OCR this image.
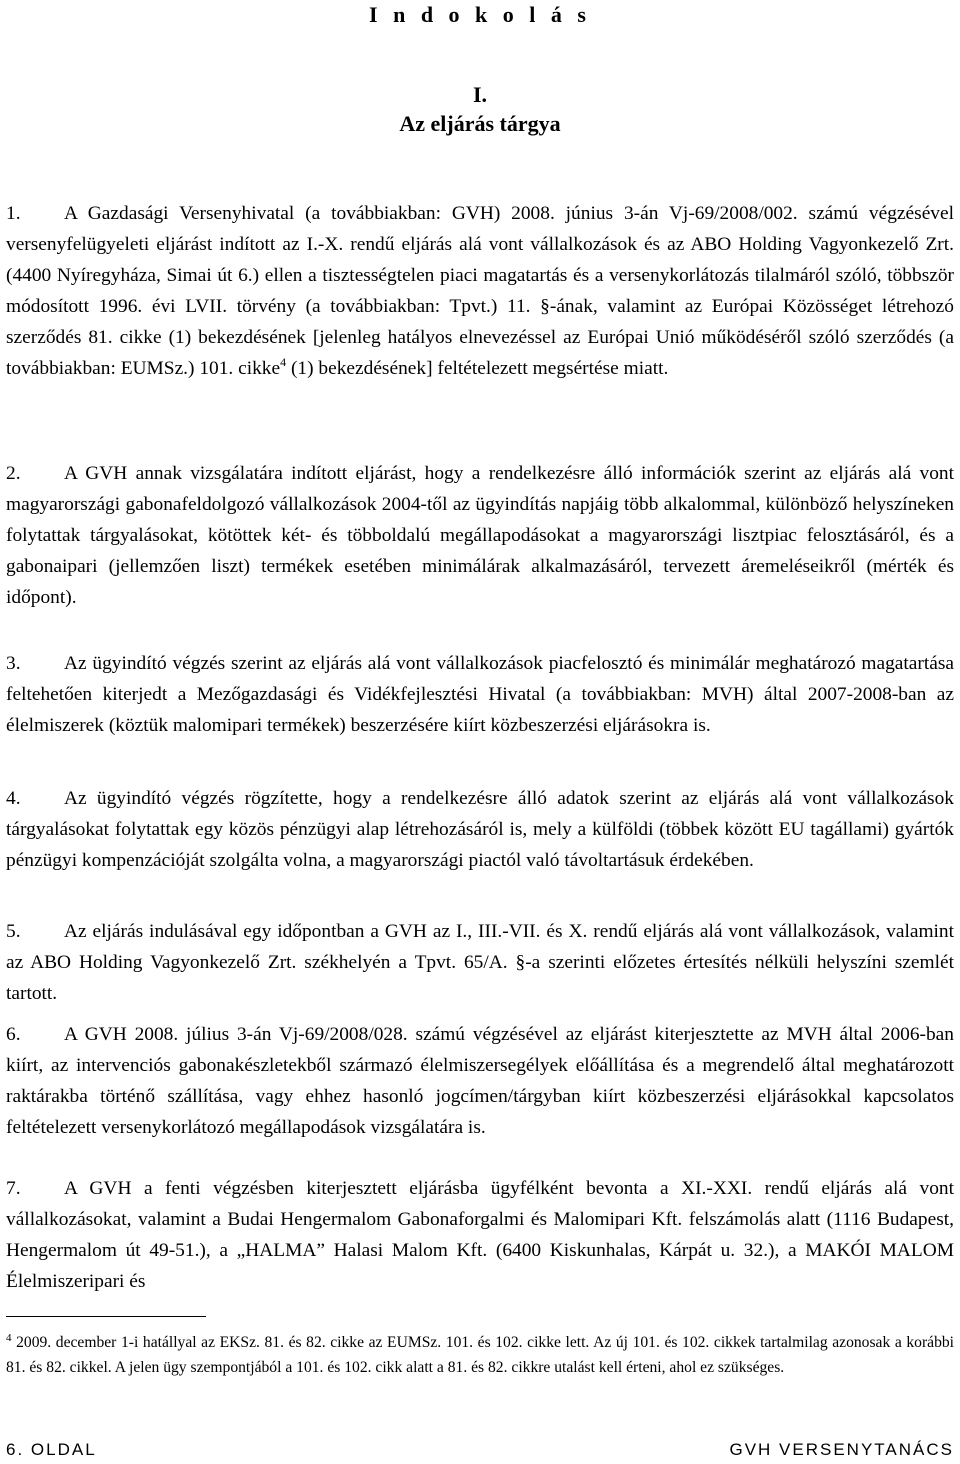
I n d o k o l á s
I.
Az eljárás tárgya

1. A Gazdasági Versenyhivatal (a továbbiakban: GVH) 2008. június 3-án Vj-69/2008/002. számú végzésével versenyfelügyeleti eljárást indított az I.-X. rendű eljárás alá vont vállalkozások és az ABO Holding Vagyonkezelő Zrt. (4400 Nyíregyháza, Simai út 6.) ellen a tisztességtelen piaci magatartás és a versenykorlátozás tilalmáról szóló, többször módosított 1996. évi LVII. törvény (a továbbiakban: Tpvt.) 11. §-ának, valamint az Európai Közösséget létrehozó szerződés 81. cikke (1) bekezdésének [jelenleg hatályos elnevezéssel az Európai Unió működéséről szóló szerződés (a továbbiakban: EUMSz.) 101. cikke$^4$ (1) bekezdésének] feltételezett megsértése miatt.

2. A GVH annak vizsgálatára indított eljárást, hogy a rendelkezésre álló információk szerint az eljárás alá vont magyarországi gabonafeldolgozó vállalkozások 2004-től az ügyindítás napjáig több alkalommal, különböző helyszíneken folytattak tárgyalásokat, kötöttek két- és többoldalú megállapodásokat a magyarországi lisztpiac felosztásáról, és a gabonaipari (jellemzően liszt) termékek esetében minimálárak alkalmazásáról, tervezett áremeléseikről (mérték és időpont).

3. Az ügyindító végzés szerint az eljárás alá vont vállalkozások piacfelosztó és minimálár meghatározó magatartása feltehetően kiterjedt a Mezőgazdasági és Vidékfejlesztési Hivatal (a továbbiakban: MVH) által 2007-2008-ban az élelmiszerek (köztük malomipari termékek) beszerzésére kiírt közbeszerzési eljárásokra is.

4. Az ügyindító végzés rögzítette, hogy a rendelkezésre álló adatok szerint az eljárás alá vont vállalkozások tárgyalásokat folytattak egy közös pénzügyi alap létrehozásáról is, mely a külföldi (többek között EU tagállami) gyártók pénzügyi kompenzációját szolgálta volna, a magyarországi piactól való távoltartásuk érdekében.

5. Az eljárás indulásával egy időpontban a GVH az I., III.-VII. és X. rendű eljárás alá vont vállalkozások, valamint az ABO Holding Vagyonkezelő Zrt. székhelyén a Tpvt. 65/A. §-a szerinti előzetes értesítés nélküli helyszíni szemlét tartott.

6. A GVH 2008. július 3-án Vj-69/2008/028. számú végzésével az eljárást kiterjesztette az MVH által 2006-ban kiírt, az intervenciós gabonakészletekből származó élelmiszersegélyek előállítása és a megrendelő által meghatározott raktárakba történő szállítása, vagy ehhez hasonló jogcímen/tárgyban kiírt közbeszerzési eljárásokkal kapcsolatos feltételezett versenykorlátozó megállapodások vizsgálatára is.

7. A GVH a fenti végzésben kiterjesztett eljárásba ügyfélként bevonta a XI.-XXI. rendű eljárás alá vont vállalkozásokat, valamint a Budai Hengermalom Gabonaforgalmi és Malomipari Kft. felszámolás alatt (1116 Budapest, Hengermalom út 49-51.), a „HALMA” Halasi Malom Kft. (6400 Kiskunhalas, Kárpát u. 32.), a MAKÓI MALOM Élelmiszeripari és

$^4$ 2009. december 1-i hatállyal az EKSz. 81. és 82. cikke az EUMSz. 101. és 102. cikke lett. Az új 101. és 102. cikkek tartalmilag azonosak a korábbi 81. és 82. cikkel. A jelen ügy szempontjából a 101. és 102. cikk alatt a 81. és 82. cikkre utalást kell érteni, ahol ez szükséges.

6. OLDAL	GVH VERSENYTANÁCS
